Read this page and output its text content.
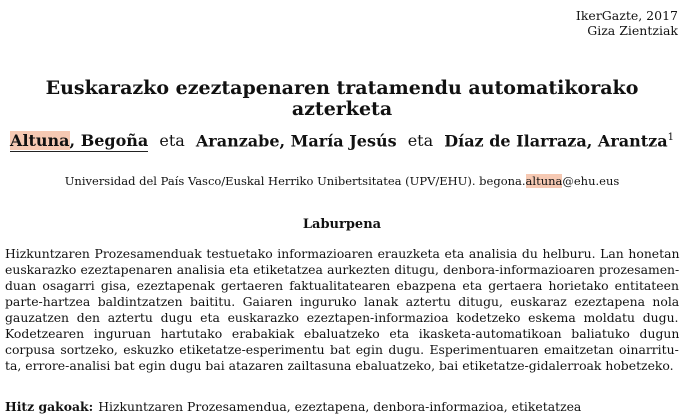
IkerGazte, 2017
Giza Zientziak
Euskarazko ezeztapenaren tratamendu automatikorako azterketa
Altuna, Begoña eta Aranzabe, María Jesús eta Díaz de Ilarraza, Arantza$^1$
Universidad del País Vasco/Euskal Herriko Unibertsitatea (UPV/EHU). begona.altuna@ehu.eus
Laburpena
Hizkuntzaren Prozesamenduak testuetako informazioaren erauzketa eta analisia du helburu. Lan honetan
euskarazko ezeztapenaren analisia eta etiketatzea aurkezten ditugu, denbora-informazioaren prozesamen-
duan osagarri gisa, ezeztapenak gertaeren faktualitatearen ebazpena eta gertaera horietako entitateen
parte-hartzea baldintzatzen baititu. Gaiaren inguruko lanak aztertu ditugu, euskaraz ezeztapena nola
gauzatzen den aztertu dugu eta euskarazko ezeztapen-informazioa kodetzeko eskema moldatu dugu.
Kodetzearen inguruan hartutako erabakiak ebaluatzeko eta ikasketa-automatikoan baliatuko dugun
corpusa sortzeko, eskuzko etiketatze-esperimentu bat egin dugu. Esperimentuaren emaitzetan oinarritu-
ta, errore-analisi bat egin dugu bai atazaren zailtasuna ebaluatzeko, bai etiketatze-gidalerroak hobetzeko.
Hitz gakoak: Hizkuntzaren Prozesamendua, ezeztapena, denbora-informazioa, etiketatzea
